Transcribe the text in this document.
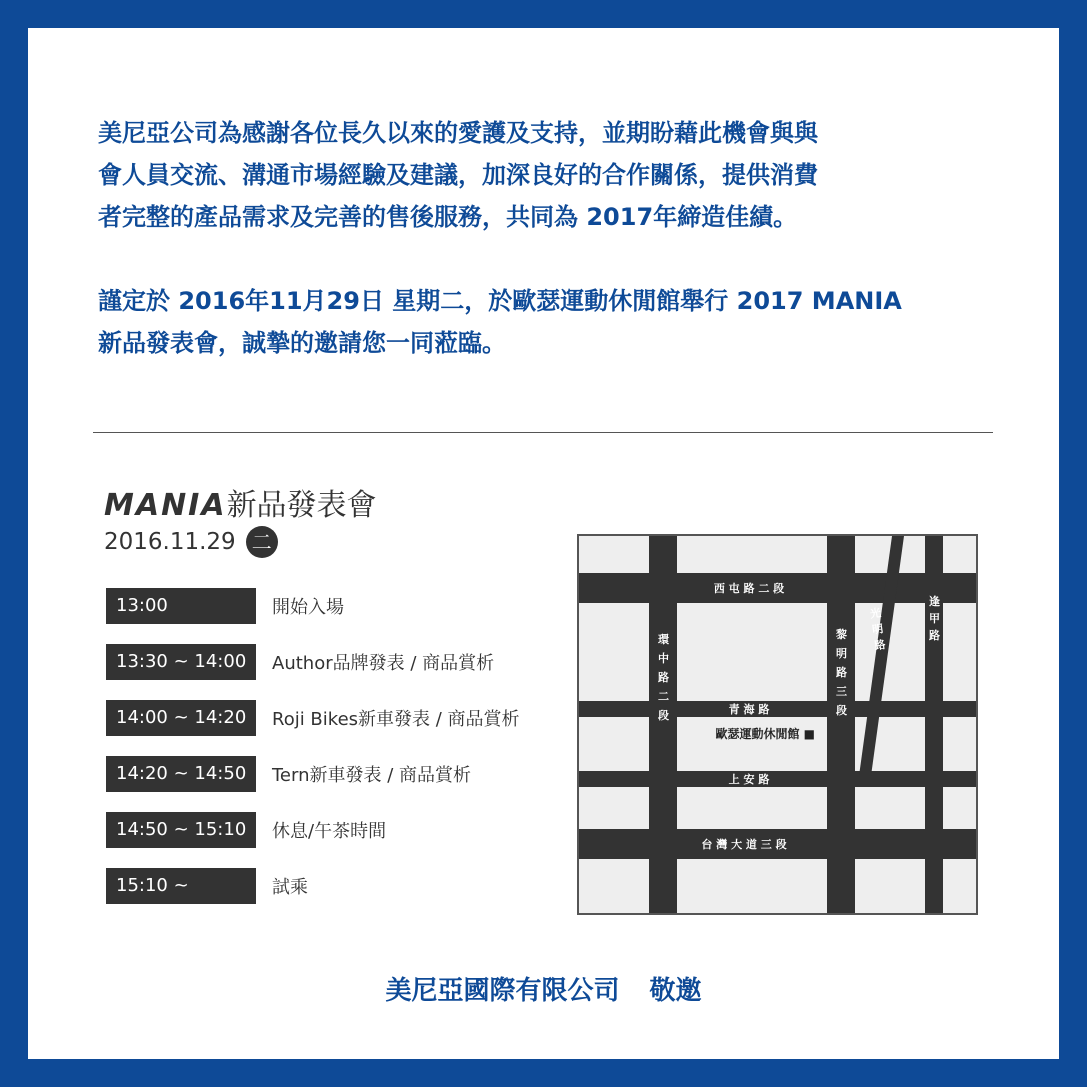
美尼亞公司為感謝各位長久以來的愛護及支持，並期盼藉此機會與與
會人員交流、溝通市場經驗及建議，加深良好的合作關係，提供消費
者完整的產品需求及完善的售後服務，共同為 2017年締造佳績。

謹定於 2016年11月29日 星期二，於歐瑟運動休閒館舉行 2017 MANIA
新品發表會，誠摯的邀請您一同蒞臨。

MANIA新品發表會
2016.11.29 二
13:00	開始入場
13:30 ~ 14:00	Author品牌發表 / 商品賞析
14:00 ~ 14:20	Roji Bikes新車發表 / 商品賞析
14:20 ~ 14:50	Tern新車發表 / 商品賞析
14:50 ~ 15:10	休息/午茶時間
15:10 ~	試乘
西 屯 路 二 段
青 海 路
上 安 路
台 灣 大 道 三 段
環中路二段	黎明路三段
逢甲路
光明路
歐瑟運動休閒館 ■
美尼亞國際有限公司 敬邀
